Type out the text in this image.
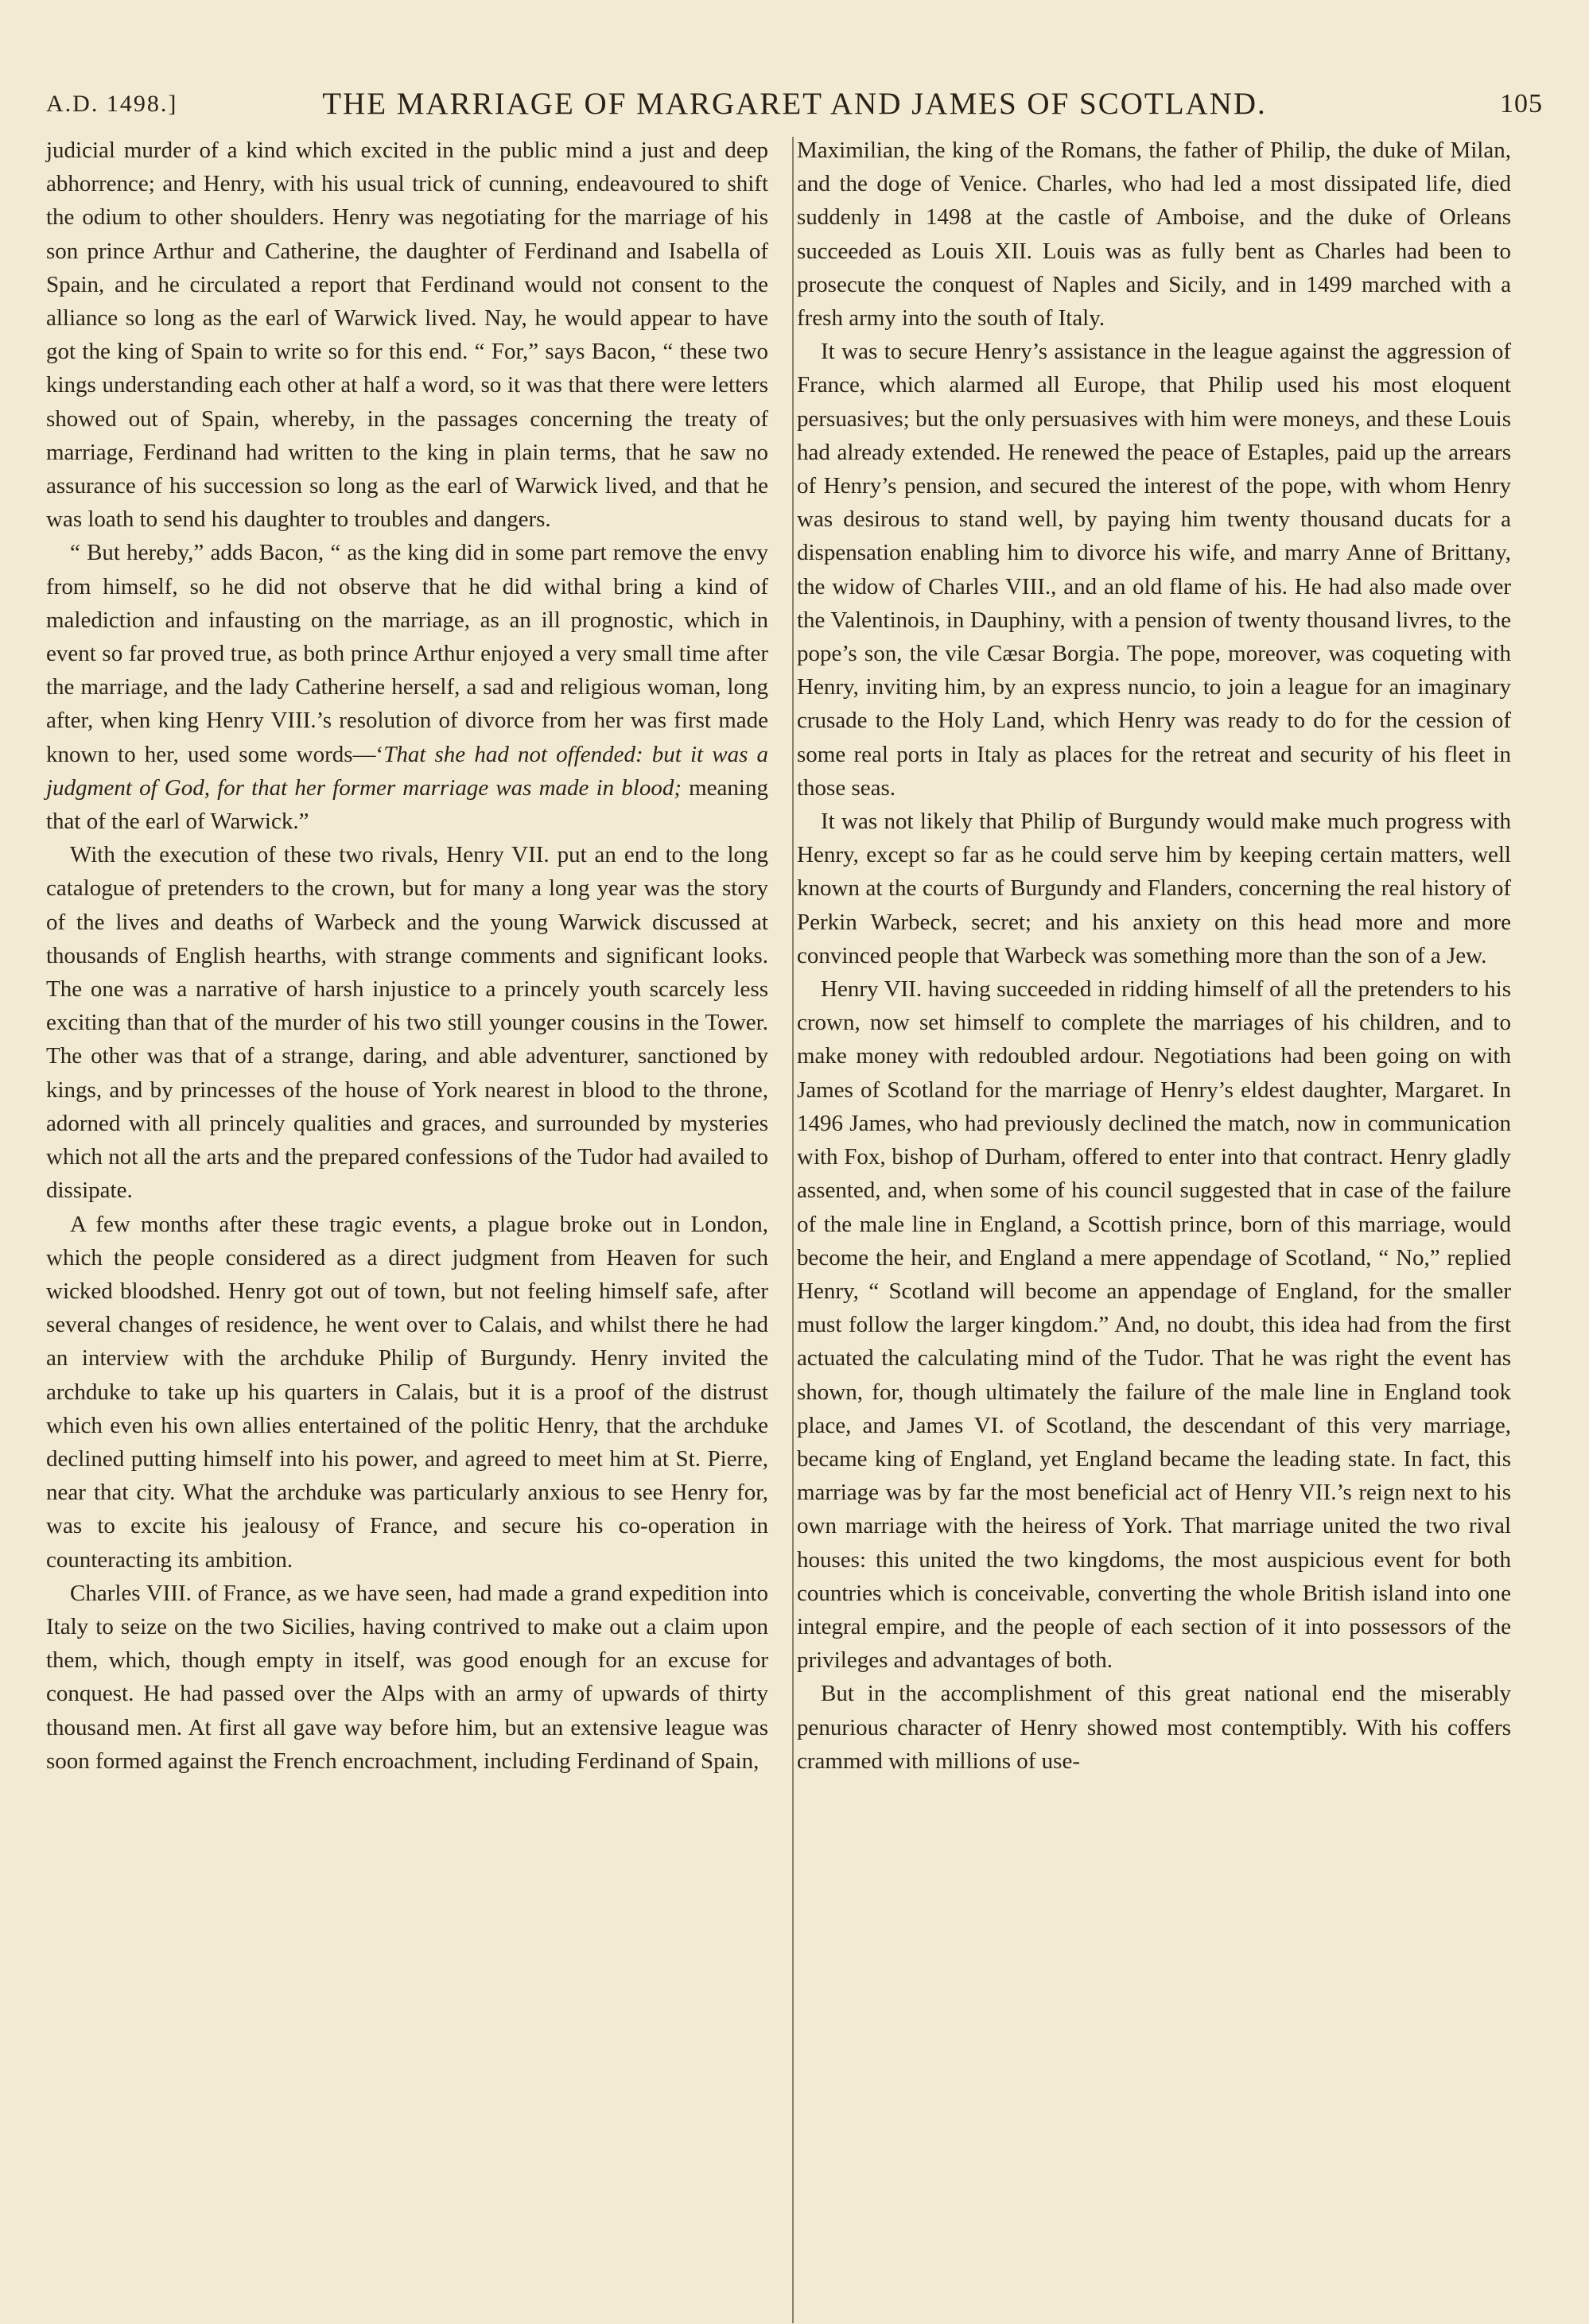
A.D. 1498.]	THE MARRIAGE OF MARGARET AND JAMES OF SCOTLAND.	105

judicial murder of a kind which excited in the public mind a just and deep abhorrence; and Henry, with his usual trick of cunning, endeavoured to shift the odium to other shoulders. Henry was negotiating for the marriage of his son prince Arthur and Catherine, the daughter of Ferdinand and Isabella of Spain, and he circulated a report that Ferdinand would not consent to the alliance so long as the earl of Warwick lived. Nay, he would appear to have got the king of Spain to write so for this end. “ For,” says Bacon, “ these two kings understanding each other at half a word, so it was that there were letters showed out of Spain, whereby, in the passages concerning the treaty of marriage, Ferdinand had written to the king in plain terms, that he saw no assurance of his succession so long as the earl of Warwick lived, and that he was loath to send his daughter to troubles and dangers.

“ But hereby,” adds Bacon, “ as the king did in some part remove the envy from himself, so he did not observe that he did withal bring a kind of malediction and infausting on the marriage, as an ill prognostic, which in event so far proved true, as both prince Arthur enjoyed a very small time after the marriage, and the lady Catherine herself, a sad and religious woman, long after, when king Henry VIII.’s resolution of divorce from her was first made known to her, used some words—‘That she had not offended: but it was a judgment of God, for that her former marriage was made in blood; meaning that of the earl of Warwick.”

With the execution of these two rivals, Henry VII. put an end to the long catalogue of pretenders to the crown, but for many a long year was the story of the lives and deaths of Warbeck and the young Warwick discussed at thousands of English hearths, with strange comments and significant looks. The one was a narrative of harsh injustice to a princely youth scarcely less exciting than that of the murder of his two still younger cousins in the Tower. The other was that of a strange, daring, and able adventurer, sanctioned by kings, and by princesses of the house of York nearest in blood to the throne, adorned with all princely qualities and graces, and surrounded by mysteries which not all the arts and the prepared confessions of the Tudor had availed to dissipate.

A few months after these tragic events, a plague broke out in London, which the people considered as a direct judgment from Heaven for such wicked bloodshed. Henry got out of town, but not feeling himself safe, after several changes of residence, he went over to Calais, and whilst there he had an interview with the archduke Philip of Burgundy. Henry invited the archduke to take up his quarters in Calais, but it is a proof of the distrust which even his own allies entertained of the politic Henry, that the archduke declined putting himself into his power, and agreed to meet him at St. Pierre, near that city. What the archduke was particularly anxious to see Henry for, was to excite his jealousy of France, and secure his co-operation in counteracting its ambition.

Charles VIII. of France, as we have seen, had made a grand expedition into Italy to seize on the two Sicilies, having contrived to make out a claim upon them, which, though empty in itself, was good enough for an excuse for conquest. He had passed over the Alps with an army of upwards of thirty thousand men. At first all gave way before him, but an extensive league was soon formed against the French encroachment, including Ferdinand of Spain,

Maximilian, the king of the Romans, the father of Philip, the duke of Milan, and the doge of Venice. Charles, who had led a most dissipated life, died suddenly in 1498 at the castle of Amboise, and the duke of Orleans succeeded as Louis XII. Louis was as fully bent as Charles had been to prosecute the conquest of Naples and Sicily, and in 1499 marched with a fresh army into the south of Italy.

It was to secure Henry’s assistance in the league against the aggression of France, which alarmed all Europe, that Philip used his most eloquent persuasives; but the only persuasives with him were moneys, and these Louis had already extended. He renewed the peace of Estaples, paid up the arrears of Henry’s pension, and secured the interest of the pope, with whom Henry was desirous to stand well, by paying him twenty thousand ducats for a dispensation enabling him to divorce his wife, and marry Anne of Brittany, the widow of Charles VIII., and an old flame of his. He had also made over the Valentinois, in Dauphiny, with a pension of twenty thousand livres, to the pope’s son, the vile Cæsar Borgia. The pope, moreover, was coqueting with Henry, inviting him, by an express nuncio, to join a league for an imaginary crusade to the Holy Land, which Henry was ready to do for the cession of some real ports in Italy as places for the retreat and security of his fleet in those seas.

It was not likely that Philip of Burgundy would make much progress with Henry, except so far as he could serve him by keeping certain matters, well known at the courts of Burgundy and Flanders, concerning the real history of Perkin Warbeck, secret; and his anxiety on this head more and more convinced people that Warbeck was something more than the son of a Jew.

Henry VII. having succeeded in ridding himself of all the pretenders to his crown, now set himself to complete the marriages of his children, and to make money with redoubled ardour. Negotiations had been going on with James of Scotland for the marriage of Henry’s eldest daughter, Margaret. In 1496 James, who had previously declined the match, now in communication with Fox, bishop of Durham, offered to enter into that contract. Henry gladly assented, and, when some of his council suggested that in case of the failure of the male line in England, a Scottish prince, born of this marriage, would become the heir, and England a mere appendage of Scotland, “ No,” replied Henry, “ Scotland will become an appendage of England, for the smaller must follow the larger kingdom.” And, no doubt, this idea had from the first actuated the calculating mind of the Tudor. That he was right the event has shown, for, though ultimately the failure of the male line in England took place, and James VI. of Scotland, the descendant of this very marriage, became king of England, yet England became the leading state. In fact, this marriage was by far the most beneficial act of Henry VII.’s reign next to his own marriage with the heiress of York. That marriage united the two rival houses: this united the two kingdoms, the most auspicious event for both countries which is conceivable, converting the whole British island into one integral empire, and the people of each section of it into possessors of the privileges and advantages of both.

But in the accomplishment of this great national end the miserably penurious character of Henry showed most contemptibly. With his coffers crammed with millions of use-
